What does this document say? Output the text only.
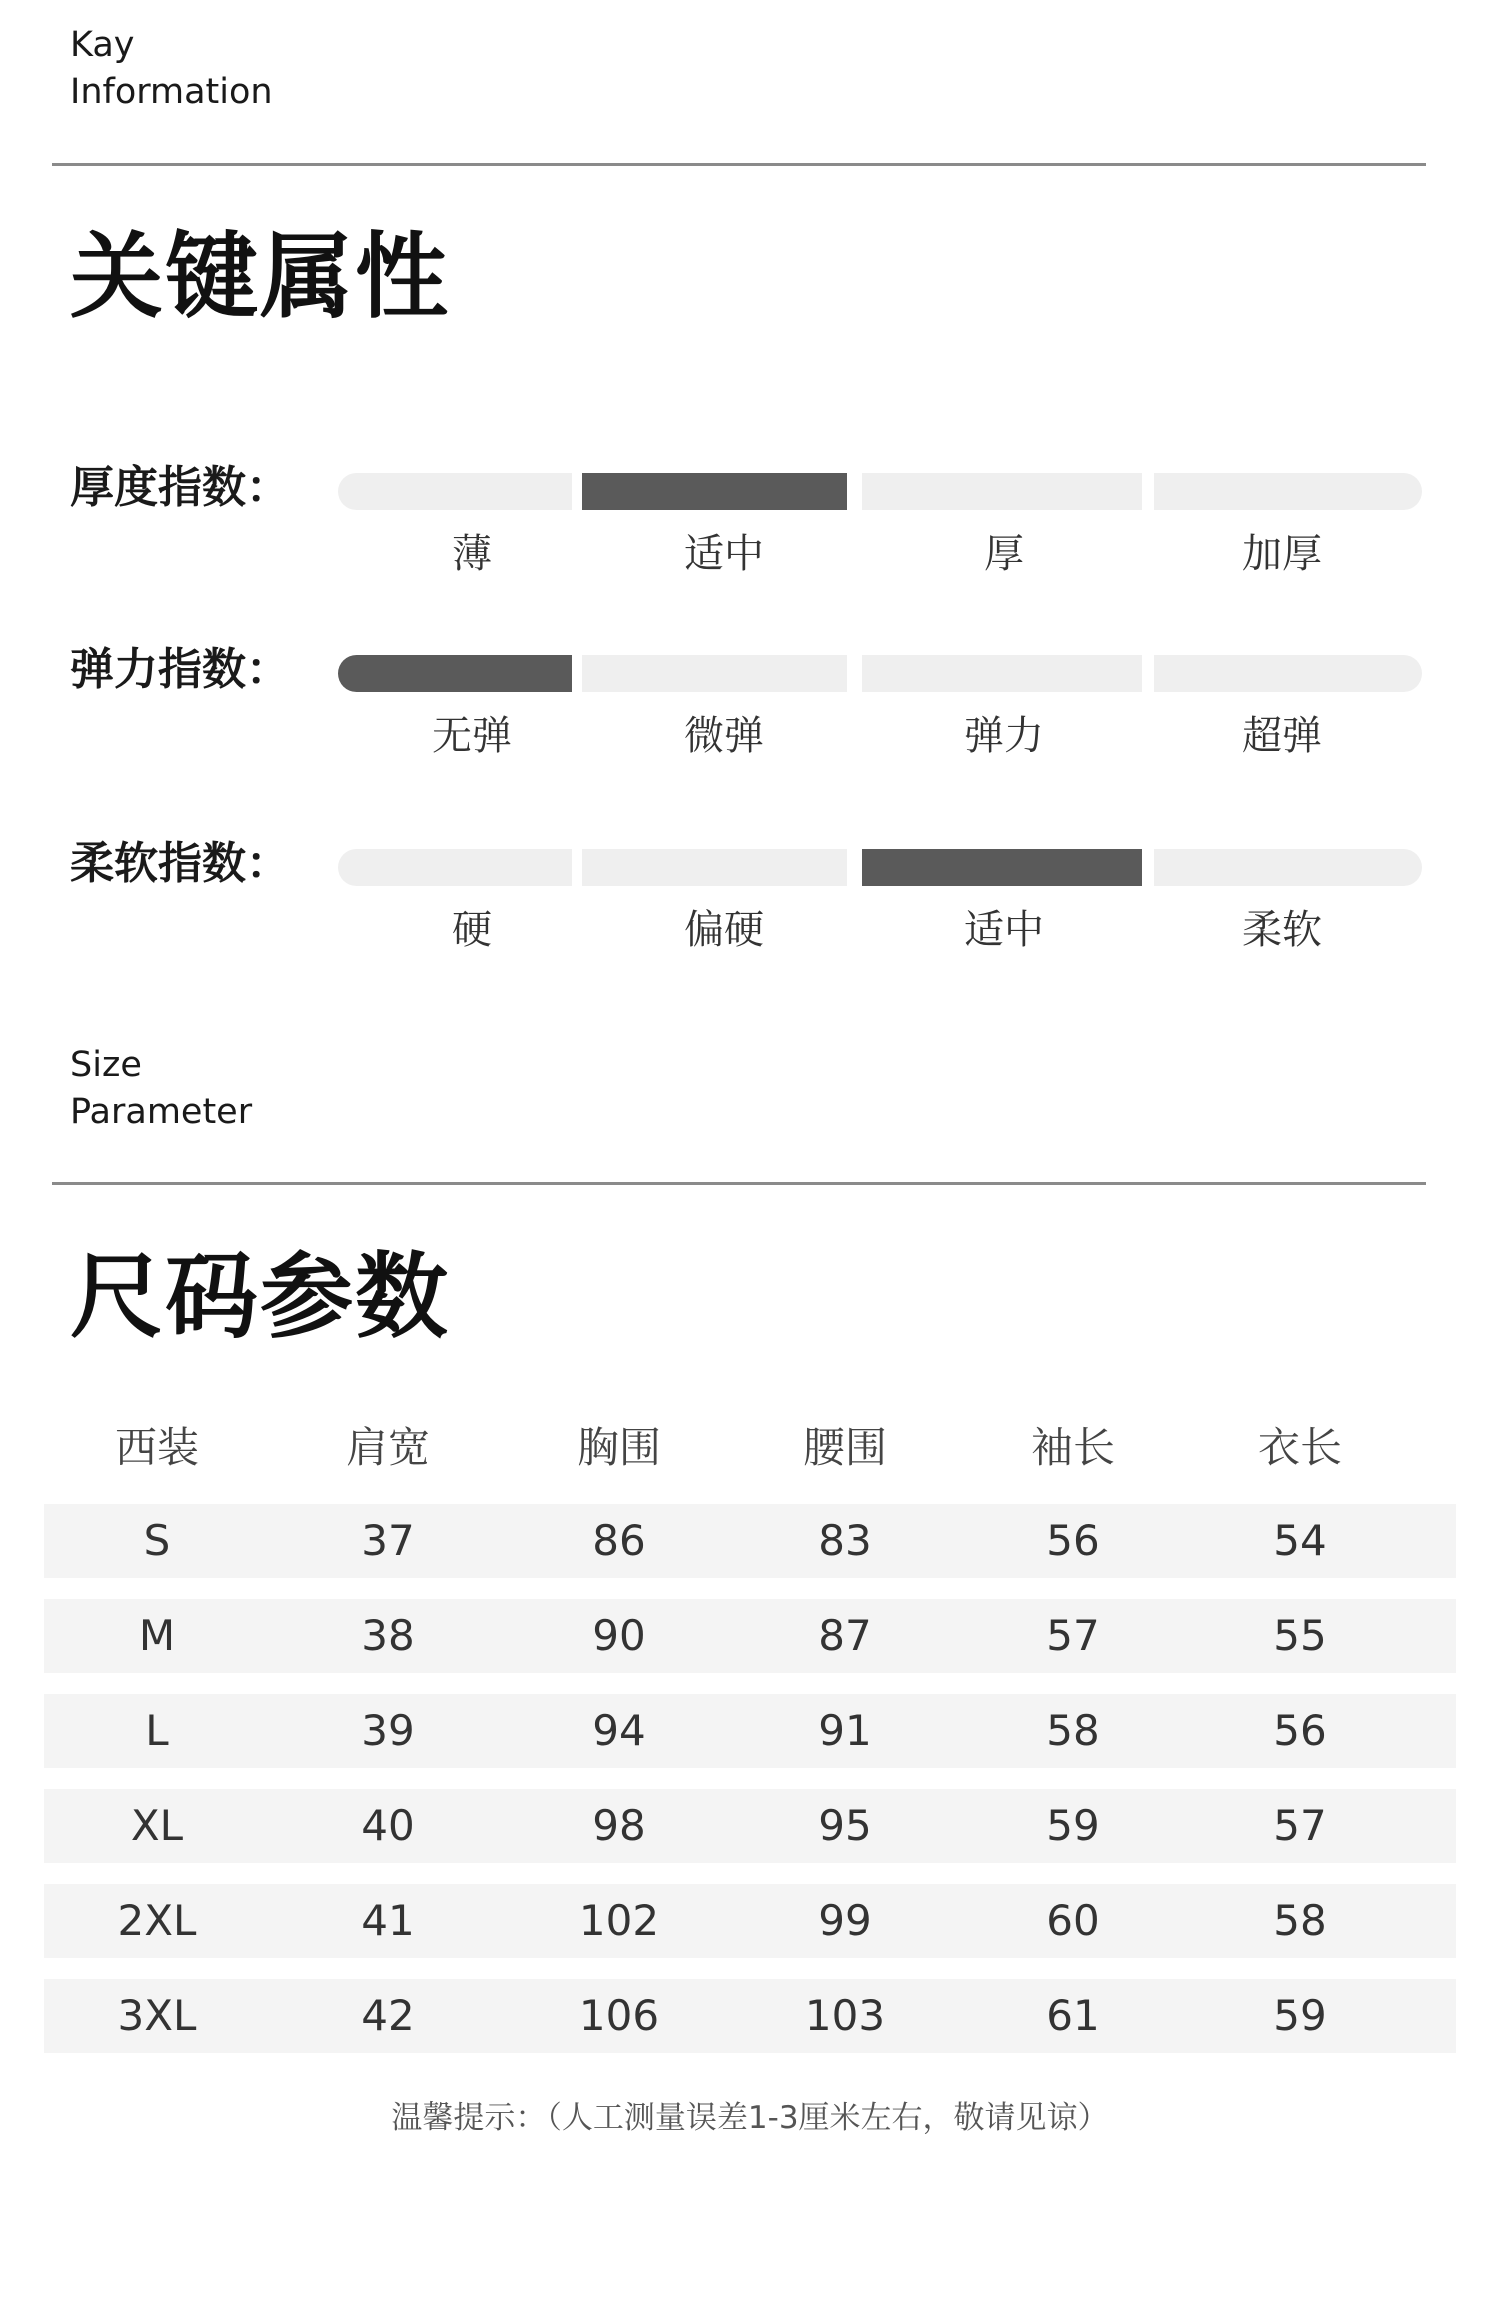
Kay
Information
关键属性
厚度指数：
薄	适中	厚	加厚
弹力指数：
无弹	微弹	弹力	超弹
柔软指数：
硬	偏硬	适中	柔软
Size
Parameter
尺码参数
西装	肩宽	胸围	腰围	袖长	衣长
S	37	86	83	56	54
M	38	90	87	57	55
L	39	94	91	58	56
XL	40	98	95	59	57
2XL	41	102	99	60	58
3XL	42	106	103	61	59
温馨提示：（人工测量误差1-3厘米左右，敬请见谅）
